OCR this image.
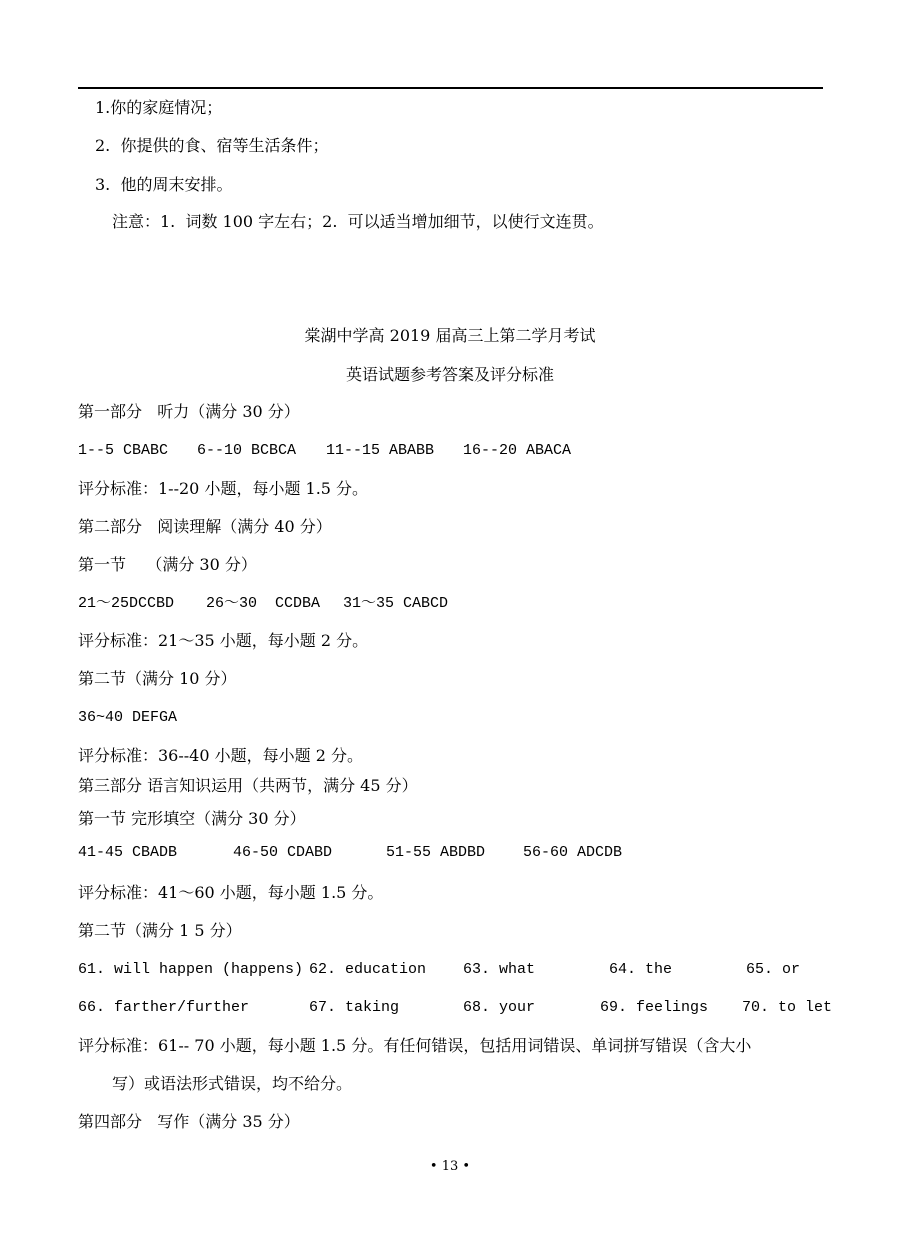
1.你的家庭情况；
2.  你提供的食、宿等生活条件；
3.  他的周末安排。
注意：1.  词数 100 字左右；2.  可以适当增加细节，以使行文连贯。
棠湖中学高 2019 届高三上第二学月考试
英语试题参考答案及评分标准
第一部分   听力（满分 30 分）
1--5 CBABC 6--10 BCBCA 11--15 ABABB 16--20 ABACA
评分标准：1--20 小题，每小题 1.5 分。
第二部分   阅读理解（满分 40 分）
第一节    （满分 30 分）
21～25DCCBD 26～30  CCDBA 31～35 CABCD
评分标准：21～35 小题，每小题 2 分。
第二节（满分 10 分）
36~40 DEFGA
评分标准：36--40 小题，每小题 2 分。
第三部分 语言知识运用（共两节，满分 45 分）
第一节 完形填空（满分 30 分）
41-45 CBADB	46-50 CDABD	51-55 ABDBD	56-60 ADCDB
评分标准：41～60 小题，每小题 1.5 分。
第二节（满分 1 5 分）
61. will happen (happens) 62. education 63. what	64. the	65. or
66. farther/further	67. taking	68. your	69. feelings 70. to let
评分标准：61-- 70 小题，每小题 1.5 分。有任何错误，包括用词错误、单词拼写错误（含大小
写）或语法形式错误，均不给分。
第四部分   写作（满分 35 分）
• 13 •
